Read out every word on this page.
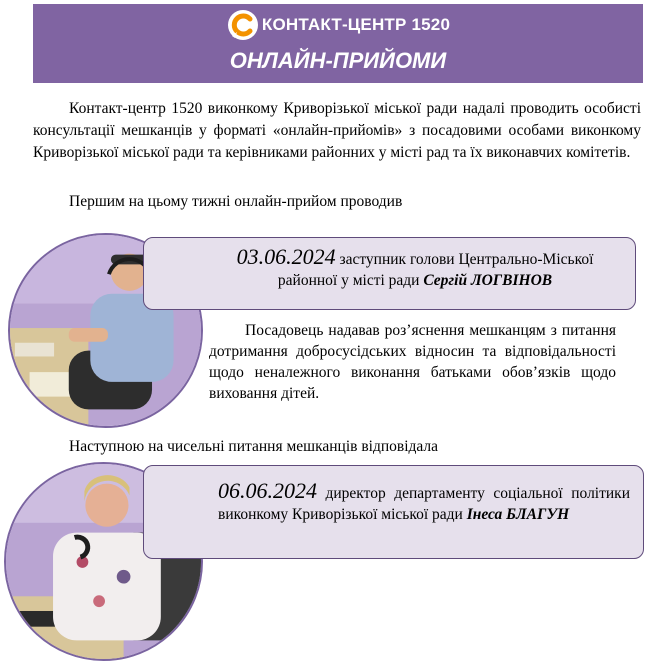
КОНТАКТ-ЦЕНТР 1520
ОНЛАЙН-ПРИЙОМИ

Контакт-центр 1520 виконкому Криворізької міської ради надалі проводить особисті консультації мешканців у форматі «онлайн-прийомів» з посадовими особами виконкому Криворізької міської ради та керівниками районних у місті рад та їх виконавчих комітетів.

Першим на цьому тижні онлайн-прийом проводив

03.06.2024 заступник голови Центрально-Міської районної у місті ради Сергій ЛОГВІНОВ

Посадовець надавав роз’яснення мешканцям з питання дотримання добросусідських відносин та відповідальності щодо неналежного виконання батьками обов’язків щодо виховання дітей.

Наступною на чисельні питання мешканців відповідала

06.06.2024 директор департаменту соціальної політики виконкому Криворізької міської ради Інеса БЛАГУН
